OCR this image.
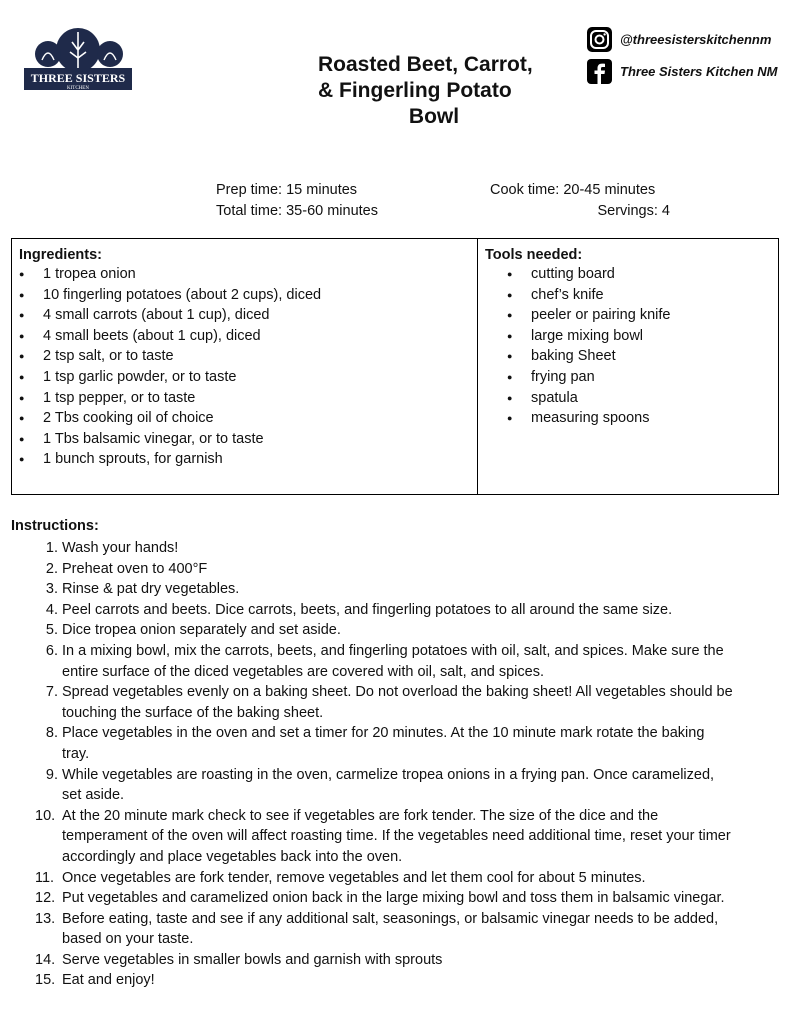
THREE SISTERS
KITCHEN
Roasted Beet, Carrot,
& Fingerling Potato
Bowl
@threesisterskitchennm
Three Sisters Kitchen NM
Prep time: 15 minutes
Total time: 35-60 minutes
Cook time: 20-45 minutes
Servings: 4
Ingredients:
● 1 tropea onion
● 10 fingerling potatoes (about 2 cups), diced
● 4 small carrots (about 1 cup), diced
● 4 small beets (about 1 cup), diced
● 2 tsp salt, or to taste
● 1 tsp garlic powder, or to taste
● 1 tsp pepper, or to taste
● 2 Tbs cooking oil of choice
● 1 Tbs balsamic vinegar, or to taste
● 1 bunch sprouts, for garnish
Tools needed:
● cutting board
● chef’s knife
● peeler or pairing knife
● large mixing bowl
● baking Sheet
● frying pan
● spatula
● measuring spoons
Instructions:
1. Wash your hands!
2. Preheat oven to 400°F
3. Rinse & pat dry vegetables.
4. Peel carrots and beets. Dice carrots, beets, and fingerling potatoes to all around the same size.
5. Dice tropea onion separately and set aside.
6. In a mixing bowl, mix the carrots, beets, and fingerling potatoes with oil, salt, and spices. Make sure the
entire surface of the diced vegetables are covered with oil, salt, and spices.
7. Spread vegetables evenly on a baking sheet. Do not overload the baking sheet! All vegetables should be
touching the surface of the baking sheet.
8. Place vegetables in the oven and set a timer for 20 minutes. At the 10 minute mark rotate the baking
tray.
9. While vegetables are roasting in the oven, carmelize tropea onions in a frying pan. Once caramelized,
set aside.
10. At the 20 minute mark check to see if vegetables are fork tender. The size of the dice and the
temperament of the oven will affect roasting time. If the vegetables need additional time, reset your timer
accordingly and place vegetables back into the oven.
11. Once vegetables are fork tender, remove vegetables and let them cool for about 5 minutes.
12. Put vegetables and caramelized onion back in the large mixing bowl and toss them in balsamic vinegar.
13. Before eating, taste and see if any additional salt, seasonings, or balsamic vinegar needs to be added,
based on your taste.
14. Serve vegetables in smaller bowls and garnish with sprouts
15. Eat and enjoy!
